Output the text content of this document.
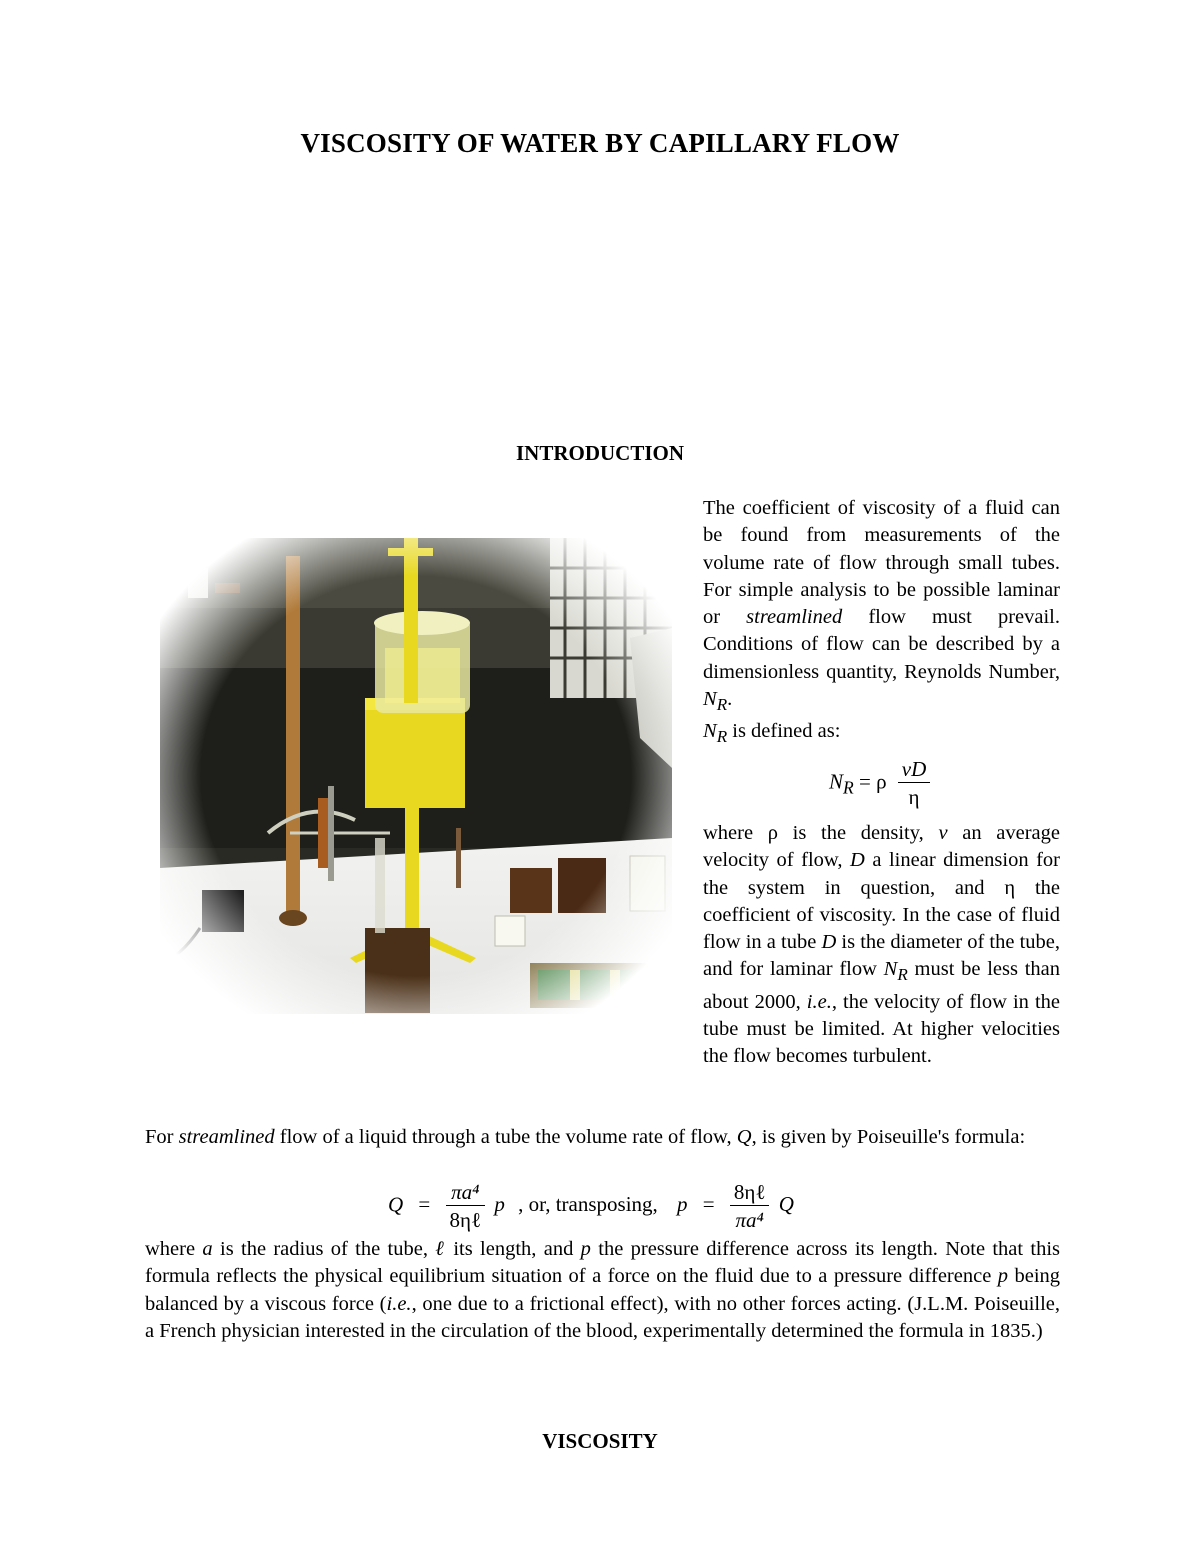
VISCOSITY OF WATER BY CAPILLARY FLOW
INTRODUCTION

The coefficient of viscosity of a fluid can be found from measurements of the volume rate of flow through small tubes. For simple analysis to be possible laminar or streamlined flow must prevail. Conditions of flow can be described by a dimensionless quantity, Reynolds Number, $N_R$.

$N_R$ is defined as:

$N_R = \rho \frac{vD}{\eta}$

where ρ is the density, v an average velocity of flow, D a linear dimension for the system in question, and η the coefficient of viscosity. In the case of fluid flow in a tube D is the diameter of the tube, and for laminar flow $N_R$ must be less than about 2000, i.e., the velocity of flow in the tube must be limited. At higher velocities the flow becomes turbulent.

For streamlined flow of a liquid through a tube the volume rate of flow, Q, is given by Poiseuille's formula:

$Q = \frac{\text{πa⁴}}{\text{8ηℓ}}$ p , or, transposing, $p = \frac{\text{8ηℓ}}{\text{πa⁴}}$ Q

where a is the radius of the tube, ℓ its length, and p the pressure difference across its length. Note that this formula reflects the physical equilibrium situation of a force on the fluid due to a pressure difference p being balanced by a viscous force (i.e., one due to a frictional effect), with no other forces acting. (J.L.M. Poiseuille, a French physician interested in the circulation of the blood, experimentally determined the formula in 1835.)

VISCOSITY
